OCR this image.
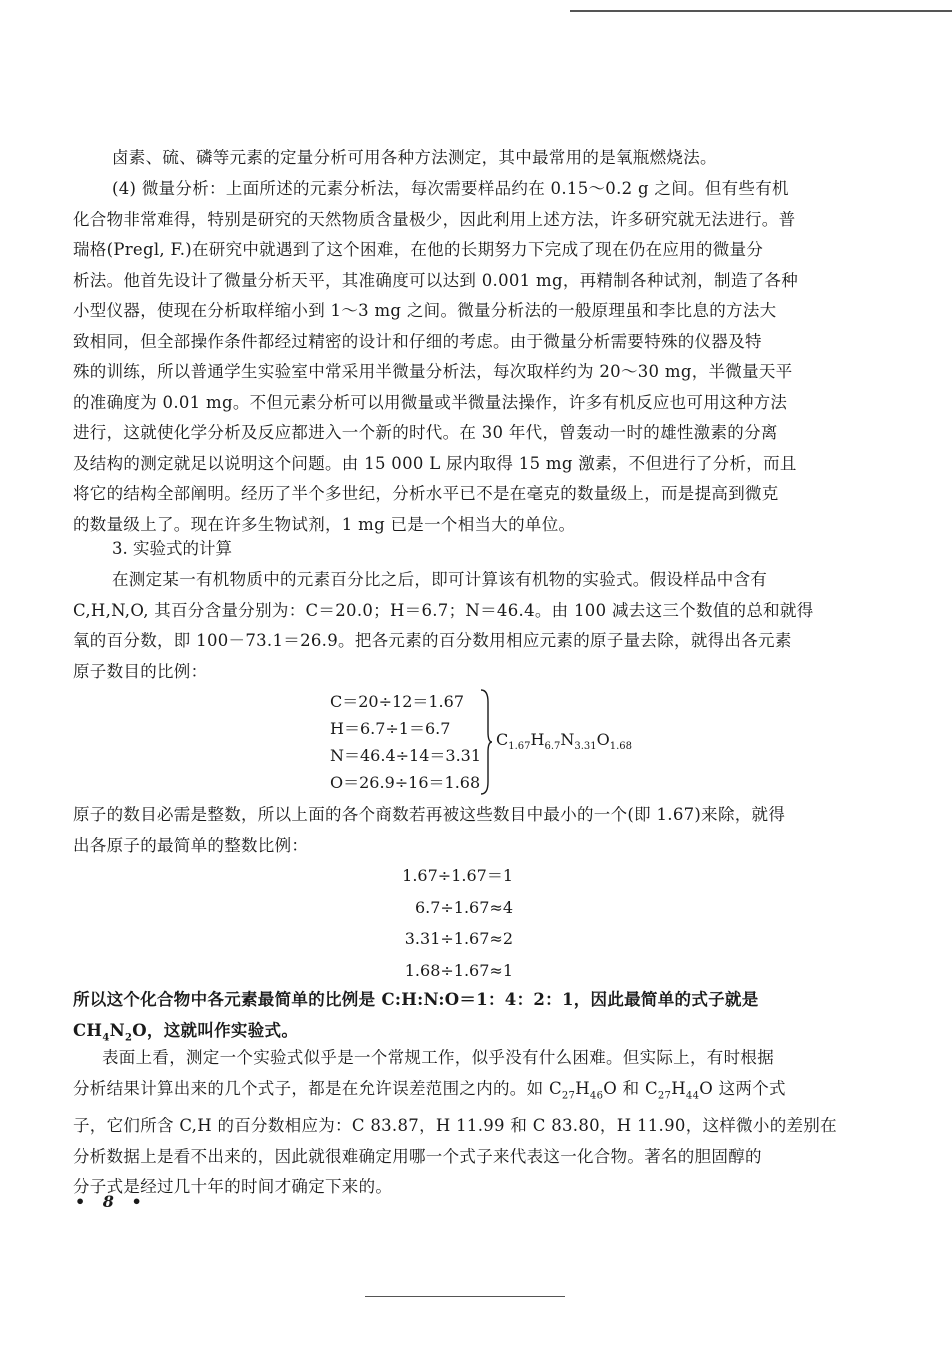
卤素、硫、磷等元素的定量分析可用各种方法测定，其中最常用的是氧瓶燃烧法。
(4) 微量分析：上面所述的元素分析法，每次需要样品约在 0.15～0.2 g 之间。但有些有机
化合物非常难得，特别是研究的天然物质含量极少，因此利用上述方法，许多研究就无法进行。普
瑞格(Pregl, F.)在研究中就遇到了这个困难，在他的长期努力下完成了现在仍在应用的微量分
析法。他首先设计了微量分析天平，其准确度可以达到 0.001 mg，再精制各种试剂，制造了各种
小型仪器，使现在分析取样缩小到 1～3 mg 之间。微量分析法的一般原理虽和李比息的方法大
致相同，但全部操作条件都经过精密的设计和仔细的考虑。由于微量分析需要特殊的仪器及特
殊的训练，所以普通学生实验室中常采用半微量分析法，每次取样约为 20～30 mg，半微量天平
的准确度为 0.01 mg。不但元素分析可以用微量或半微量法操作，许多有机反应也可用这种方法
进行，这就使化学分析及反应都进入一个新的时代。在 30 年代，曾轰动一时的雄性激素的分离
及结构的测定就足以说明这个问题。由 15 000 L 尿内取得 15 mg 激素，不但进行了分析，而且
将它的结构全部阐明。经历了半个多世纪，分析水平已不是在毫克的数量级上，而是提高到微克
的数量级上了。现在许多生物试剂，1 mg 已是一个相当大的单位。
3. 实验式的计算
在测定某一有机物质中的元素百分比之后，即可计算该有机物的实验式。假设样品中含有
C,H,N,O, 其百分含量分别为：C＝20.0；H＝6.7；N＝46.4。由 100 减去这三个数值的总和就得
氧的百分数，即 100－73.1＝26.9。把各元素的百分数用相应元素的原子量去除，就得出各元素
原子数目的比例：
C＝20÷12＝1.67
H＝6.7÷1＝6.7
N＝46.4÷14＝3.31
O＝26.9÷16＝1.68
$C_{1.67}H_{6.7}N_{3.31}O_{1.68}$
原子的数目必需是整数，所以上面的各个商数若再被这些数目中最小的一个(即 1.67)来除，就得
出各原子的最简单的整数比例：
1.67÷1.67＝1
6.7÷1.67≈4
3.31÷1.67≈2
1.68÷1.67≈1
所以这个化合物中各元素最简单的比例是 C:H:N:O＝1：4：2：1，因此最简单的式子就是
$CH_4N_2O$，这就叫作实验式。
表面上看，测定一个实验式似乎是一个常规工作，似乎没有什么困难。但实际上，有时根据
分析结果计算出来的几个式子，都是在允许误差范围之内的。如 $C_{27}H_{46}O$ 和 $C_{27}H_{44}O$ 这两个式
子，它们所含 C,H 的百分数相应为：C 83.87，H 11.99 和 C 83.80，H 11.90，这样微小的差别在
分析数据上是看不出来的，因此就很难确定用哪一个式子来代表这一化合物。著名的胆固醇的
分子式是经过几十年的时间才确定下来的。
• 8 •
